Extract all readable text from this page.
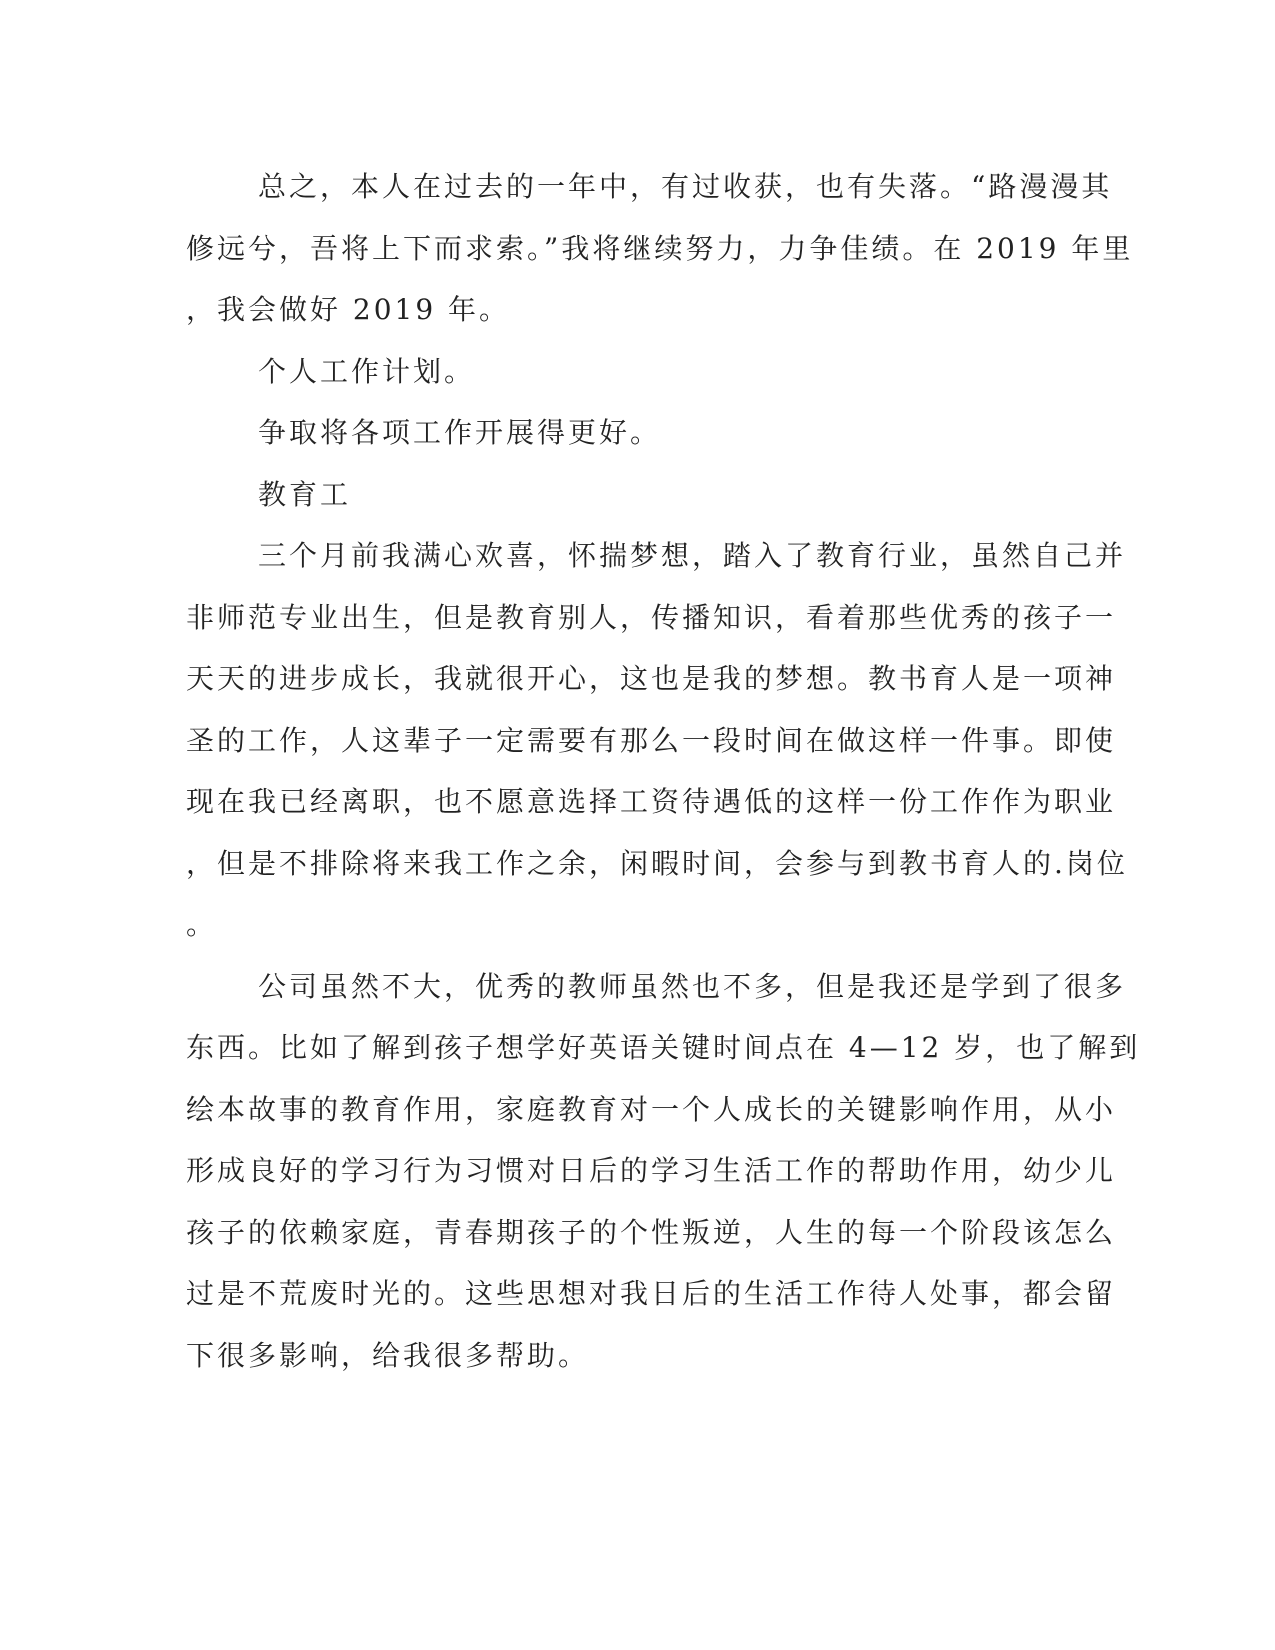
总之，本人在过去的一年中，有过收获，也有失落。“路漫漫其
修远兮，吾将上下而求索。”我将继续努力，力争佳绩。在 2019 年里
，我会做好 2019 年。
个人工作计划。
争取将各项工作开展得更好。
教育工
三个月前我满心欢喜，怀揣梦想，踏入了教育行业，虽然自己并
非师范专业出生，但是教育别人，传播知识，看着那些优秀的孩子一
天天的进步成长，我就很开心，这也是我的梦想。教书育人是一项神
圣的工作，人这辈子一定需要有那么一段时间在做这样一件事。即使
现在我已经离职，也不愿意选择工资待遇低的这样一份工作作为职业
，但是不排除将来我工作之余，闲暇时间，会参与到教书育人的.岗位
。
公司虽然不大，优秀的教师虽然也不多，但是我还是学到了很多
东西。比如了解到孩子想学好英语关键时间点在 4—12 岁，也了解到
绘本故事的教育作用，家庭教育对一个人成长的关键影响作用，从小
形成良好的学习行为习惯对日后的学习生活工作的帮助作用，幼少儿
孩子的依赖家庭，青春期孩子的个性叛逆，人生的每一个阶段该怎么
过是不荒废时光的。这些思想对我日后的生活工作待人处事，都会留
下很多影响，给我很多帮助。
